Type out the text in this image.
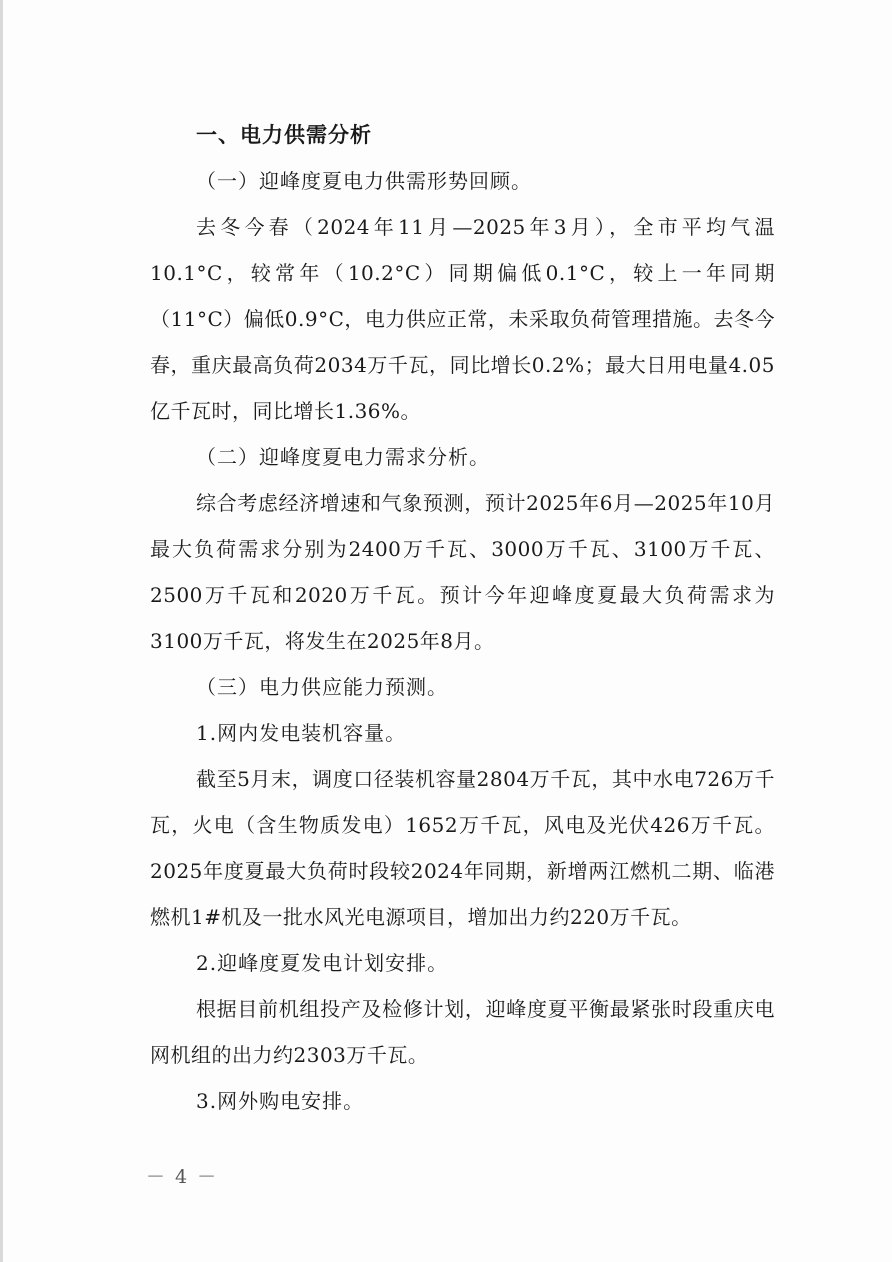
一、电力供需分析

（一）迎峰度夏电力供需形势回顾。

去冬今春（2024年11月—2025年3月），全市平均气温10.1°C，较常年（10.2°C）同期偏低0.1°C，较上一年同期（11°C）偏低0.9°C，电力供应正常，未采取负荷管理措施。去冬今春，重庆最高负荷2034万千瓦，同比增长0.2%；最大日用电量4.05亿千瓦时，同比增长1.36%。

（二）迎峰度夏电力需求分析。

综合考虑经济增速和气象预测，预计2025年6月—2025年10月最大负荷需求分别为2400万千瓦、3000万千瓦、3100万千瓦、2500万千瓦和2020万千瓦。预计今年迎峰度夏最大负荷需求为3100万千瓦，将发生在2025年8月。

（三）电力供应能力预测。

1.网内发电装机容量。

截至5月末，调度口径装机容量2804万千瓦，其中水电726万千瓦，火电（含生物质发电）1652万千瓦，风电及光伏426万千瓦。2025年度夏最大负荷时段较2024年同期，新增两江燃机二期、临港燃机1#机及一批水风光电源项目，增加出力约220万千瓦。

2.迎峰度夏发电计划安排。

根据目前机组投产及检修计划，迎峰度夏平衡最紧张时段重庆电网机组的出力约2303万千瓦。

3.网外购电安排。

－ 4 －
